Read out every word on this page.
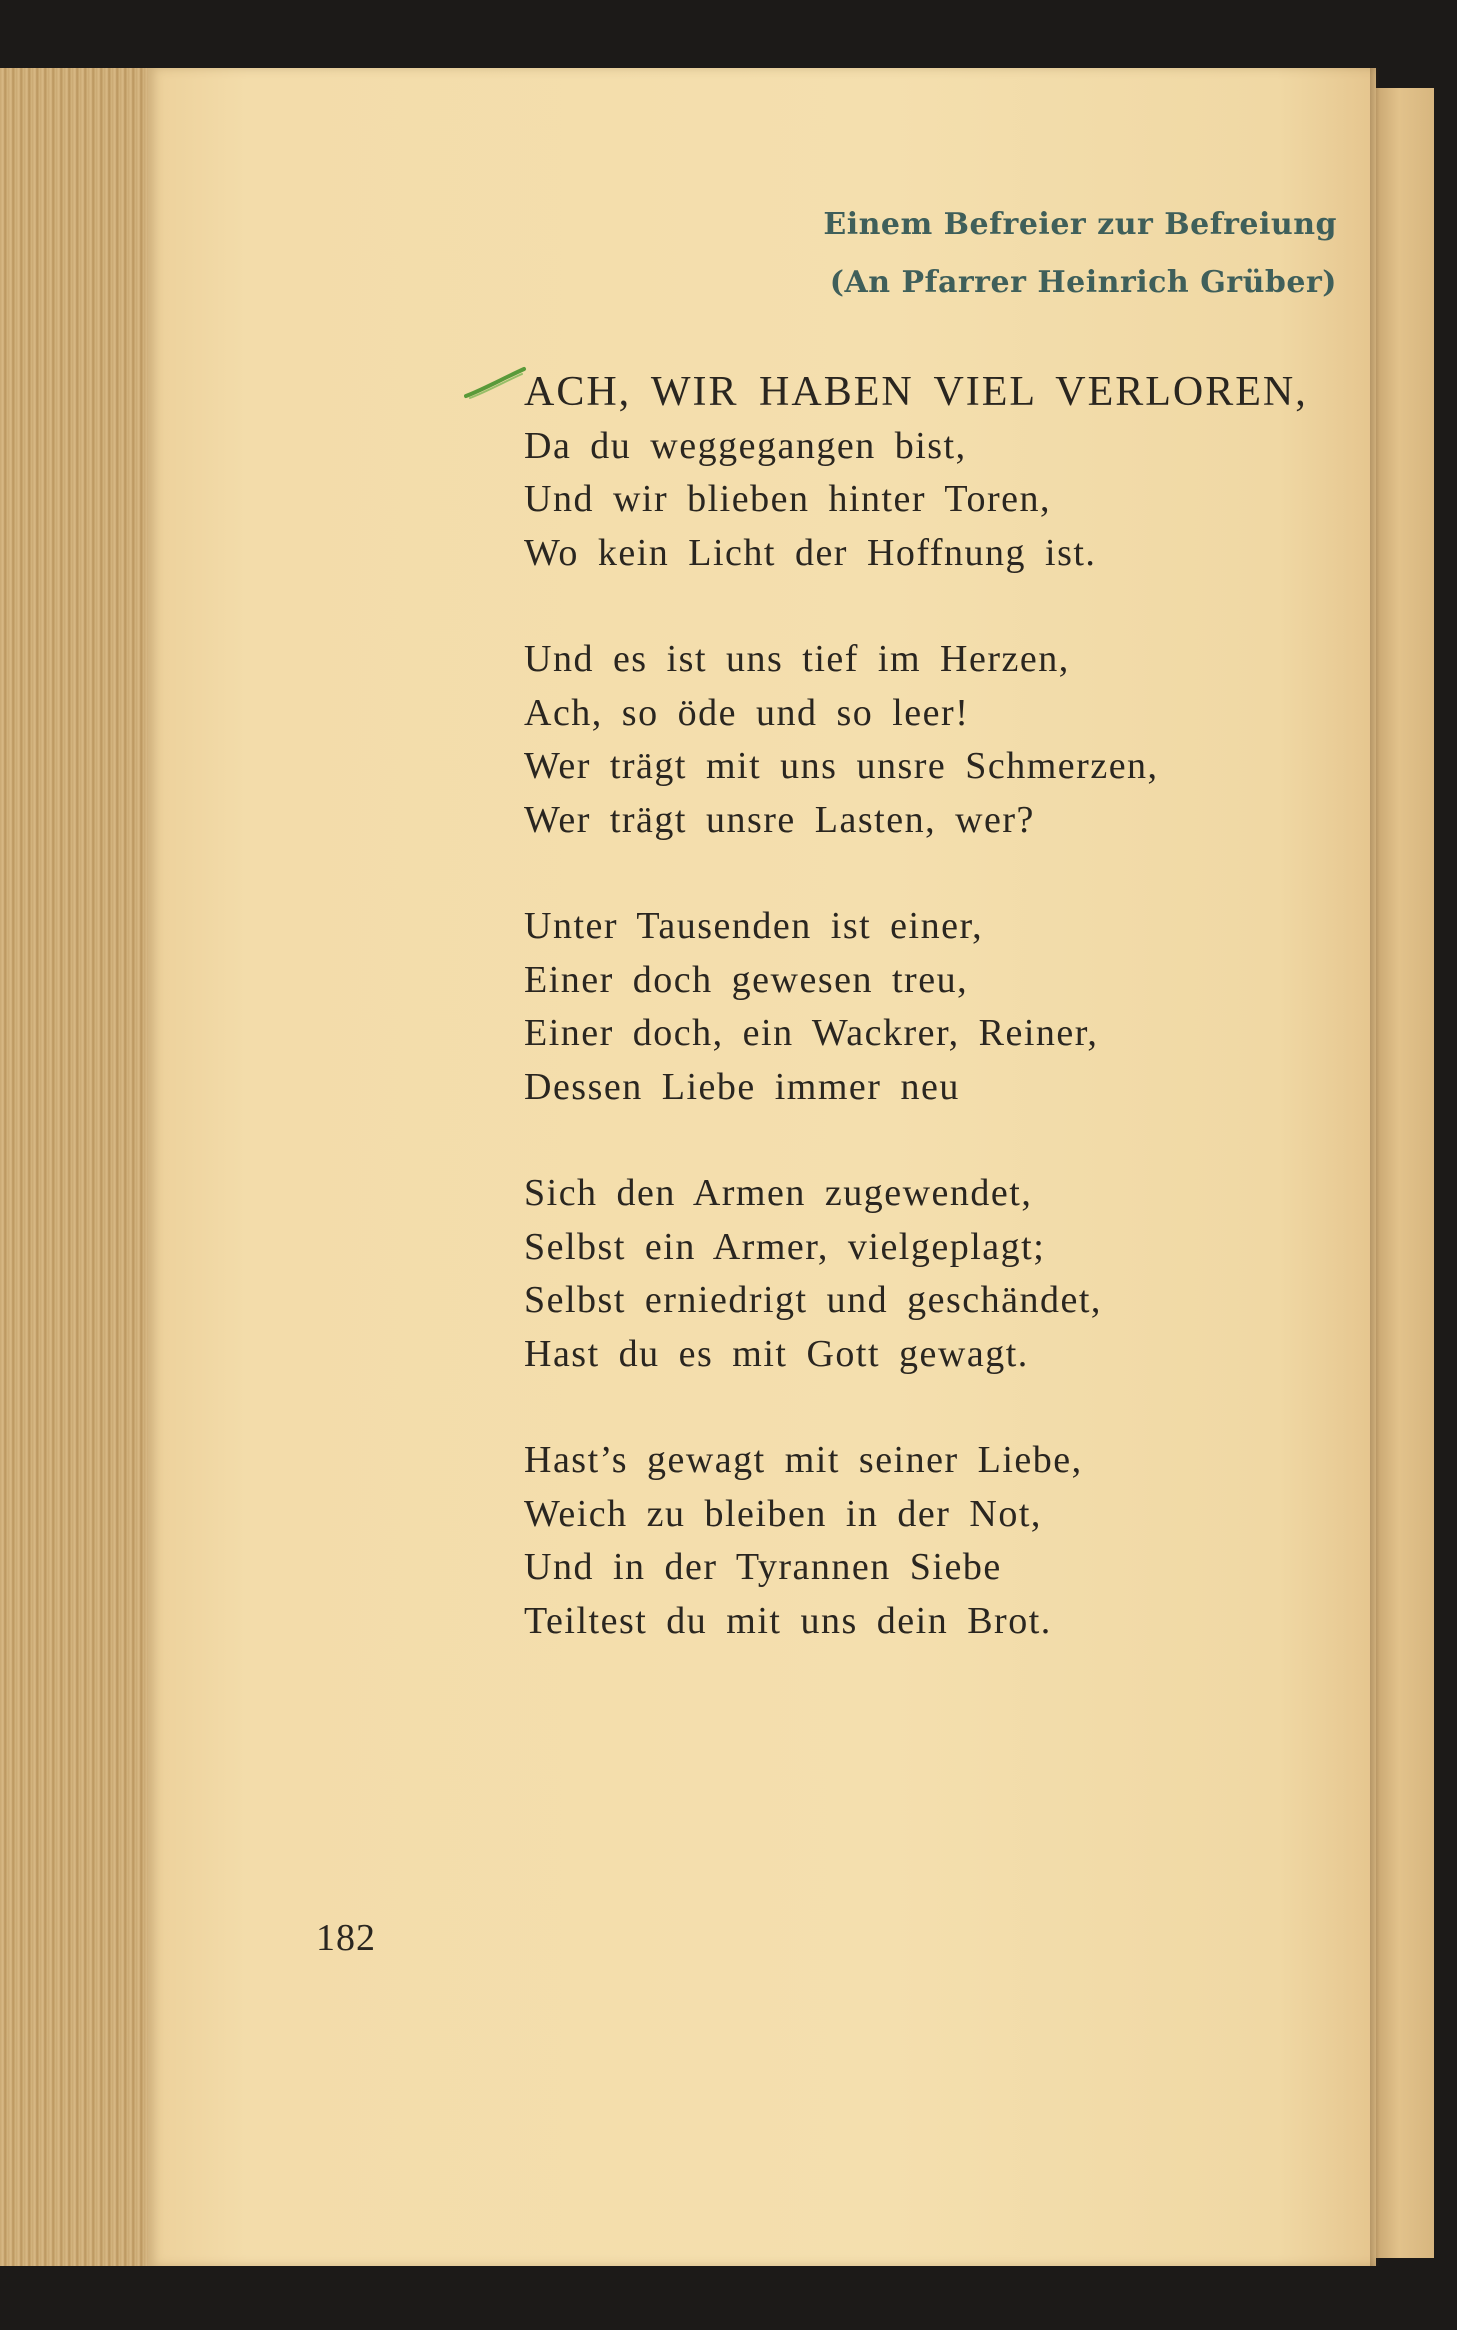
Einem Befreier zur Befreiung
(An Pfarrer Heinrich Grüber)
ACH, WIR HABEN VIEL VERLOREN,
Da du weggegangen bist,
Und wir blieben hinter Toren,
Wo kein Licht der Hoffnung ist.
Und es ist uns tief im Herzen,
Ach, so öde und so leer!
Wer trägt mit uns unsre Schmerzen,
Wer trägt unsre Lasten, wer?
Unter Tausenden ist einer,
Einer doch gewesen treu,
Einer doch, ein Wackrer, Reiner,
Dessen Liebe immer neu
Sich den Armen zugewendet,
Selbst ein Armer, vielgeplagt;
Selbst erniedrigt und geschändet,
Hast du es mit Gott gewagt.
Hast’s gewagt mit seiner Liebe,
Weich zu bleiben in der Not,
Und in der Tyrannen Siebe
Teiltest du mit uns dein Brot.
182
